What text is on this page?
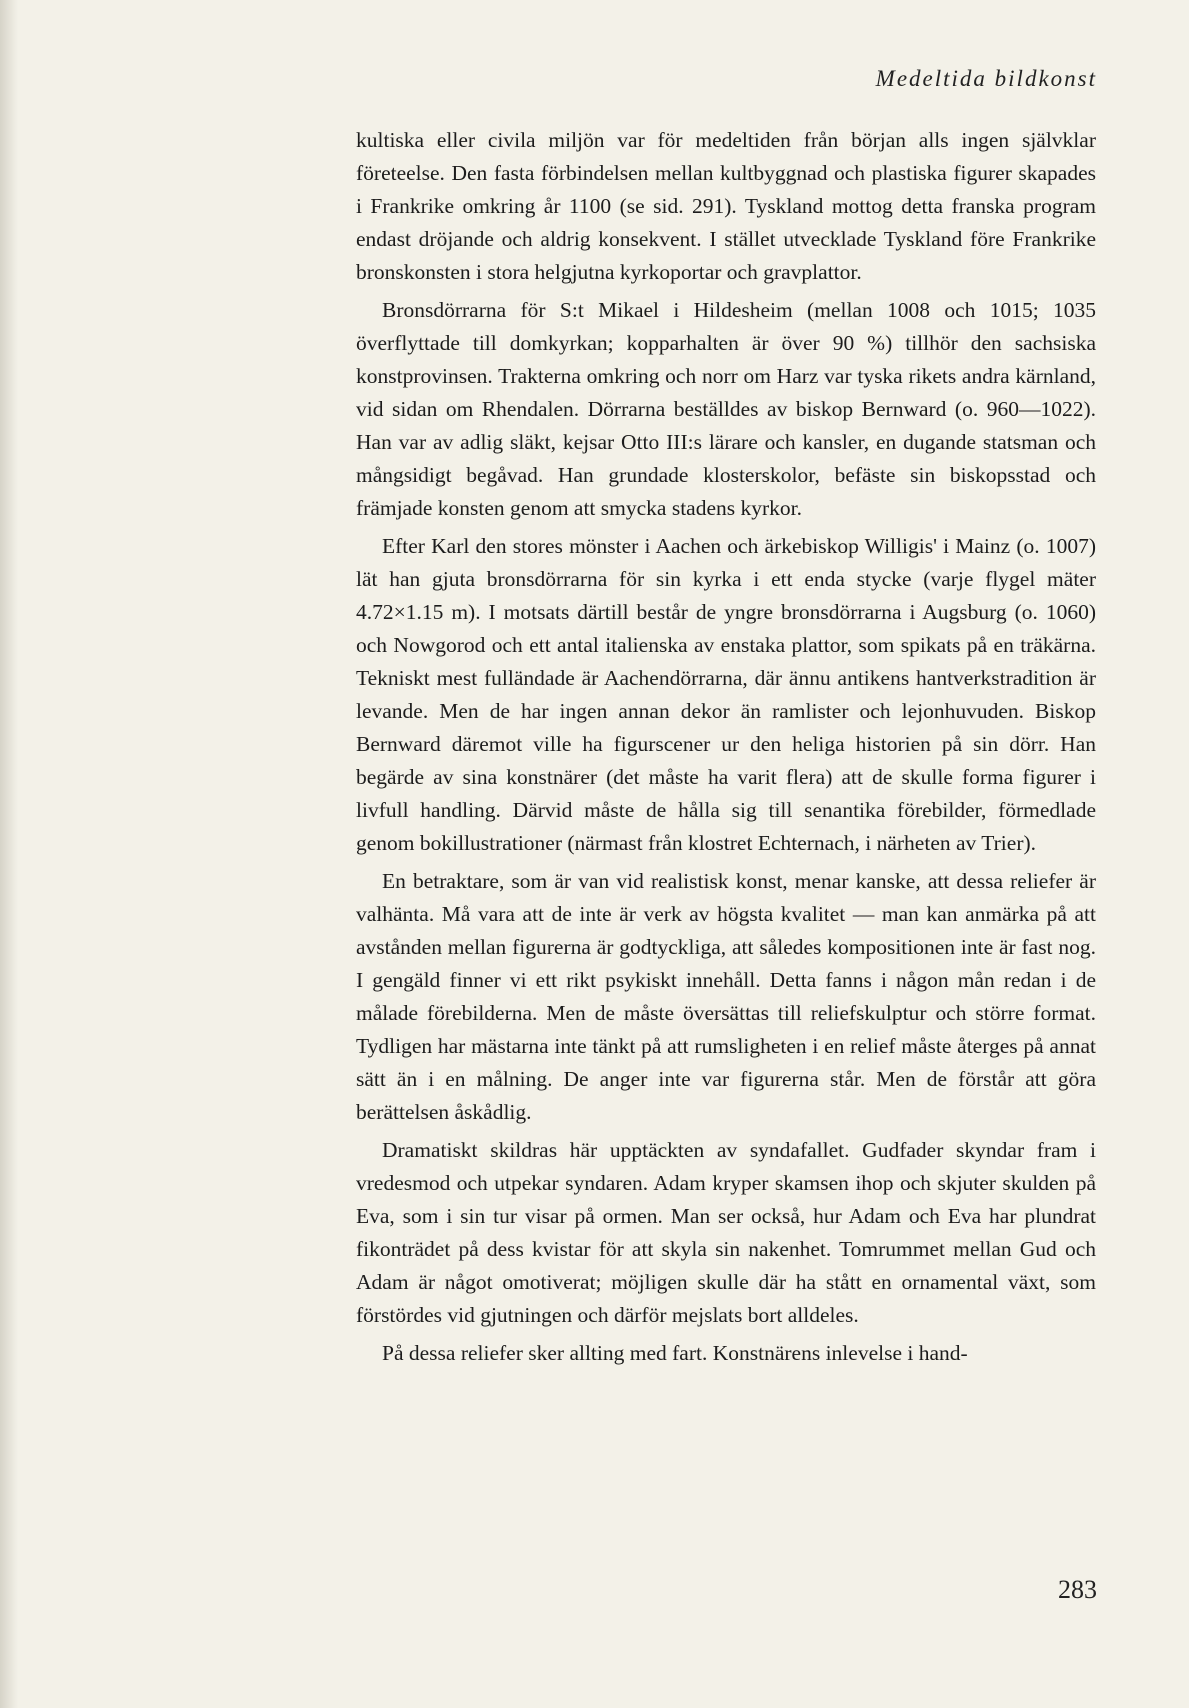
Medeltida bildkonst

kultiska eller civila miljön var för medeltiden från början alls ingen självklar företeelse. Den fasta förbindelsen mellan kultbyggnad och plastiska figurer skapades i Frankrike omkring år 1100 (se sid. 291). Tyskland mottog detta franska program endast dröjande och aldrig konsekvent. I stället utvecklade Tyskland före Frankrike bronskonsten i stora helgjutna kyrkoportar och gravplattor.

Bronsdörrarna för S:t Mikael i Hildesheim (mellan 1008 och 1015; 1035 överflyttade till domkyrkan; kopparhalten är över 90 %) tillhör den sachsiska konstprovinsen. Trakterna omkring och norr om Harz var tyska rikets andra kärnland, vid sidan om Rhendalen. Dörrarna beställdes av biskop Bernward (o. 960—1022). Han var av adlig släkt, kejsar Otto III:s lärare och kansler, en dugande statsman och mångsidigt begåvad. Han grundade klosterskolor, befäste sin biskopsstad och främjade konsten genom att smycka stadens kyrkor.

Efter Karl den stores mönster i Aachen och ärkebiskop Willigis' i Mainz (o. 1007) lät han gjuta bronsdörrarna för sin kyrka i ett enda stycke (varje flygel mäter 4.72×1.15 m). I motsats därtill består de yngre bronsdörrarna i Augsburg (o. 1060) och Nowgorod och ett antal italienska av enstaka plattor, som spikats på en träkärna. Tekniskt mest fulländade är Aachendörrarna, där ännu antikens hantverkstradition är levande. Men de har ingen annan dekor än ramlister och lejonhuvuden. Biskop Bernward däremot ville ha figurscener ur den heliga historien på sin dörr. Han begärde av sina konstnärer (det måste ha varit flera) att de skulle forma figurer i livfull handling. Därvid måste de hålla sig till senantika förebilder, förmedlade genom bokillustrationer (närmast från klostret Echternach, i närheten av Trier).

En betraktare, som är van vid realistisk konst, menar kanske, att dessa reliefer är valhänta. Må vara att de inte är verk av högsta kvalitet — man kan anmärka på att avstånden mellan figurerna är godtyckliga, att således kompositionen inte är fast nog. I gengäld finner vi ett rikt psykiskt innehåll. Detta fanns i någon mån redan i de målade förebilderna. Men de måste översättas till reliefskulptur och större format. Tydligen har mästarna inte tänkt på att rumsligheten i en relief måste återges på annat sätt än i en målning. De anger inte var figurerna står. Men de förstår att göra berättelsen åskådlig.

Dramatiskt skildras här upptäckten av syndafallet. Gudfader skyndar fram i vredesmod och utpekar syndaren. Adam kryper skamsen ihop och skjuter skulden på Eva, som i sin tur visar på ormen. Man ser också, hur Adam och Eva har plundrat fikonträdet på dess kvistar för att skyla sin nakenhet. Tomrummet mellan Gud och Adam är något omotiverat; möjligen skulle där ha stått en ornamental växt, som förstördes vid gjutningen och därför mejslats bort alldeles.

På dessa reliefer sker allting med fart. Konstnärens inlevelse i hand-

283
